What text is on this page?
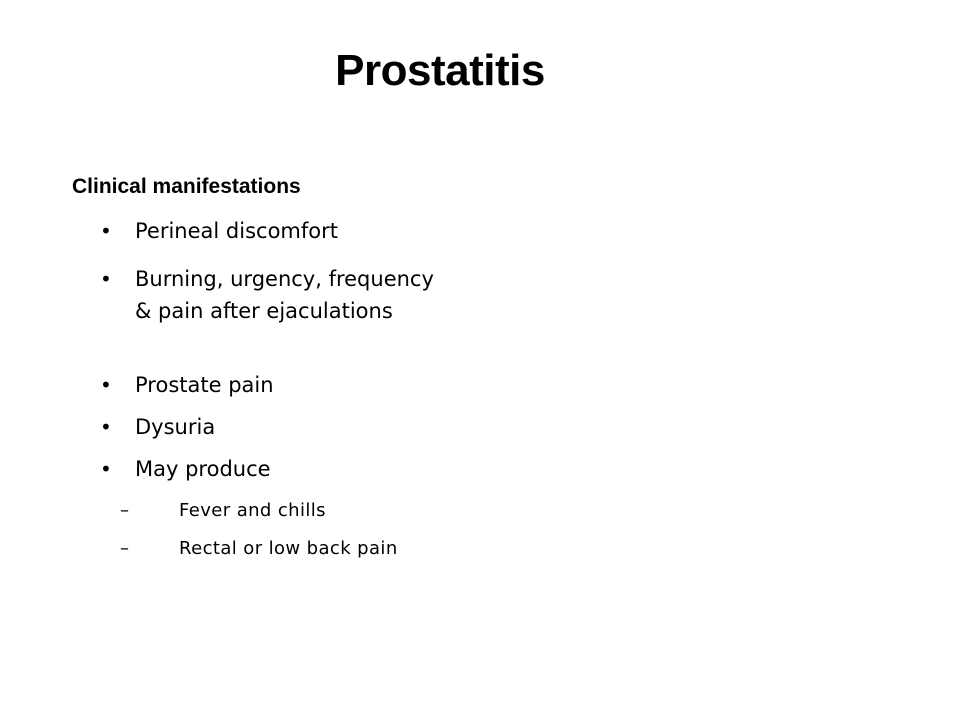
Prostatitis
Clinical manifestations
• Perineal discomfort
• Burning, urgency, frequency & pain after ejaculations
• Prostate pain
• Dysuria
• May produce
–	Fever and chills
–	Rectal or low back pain
